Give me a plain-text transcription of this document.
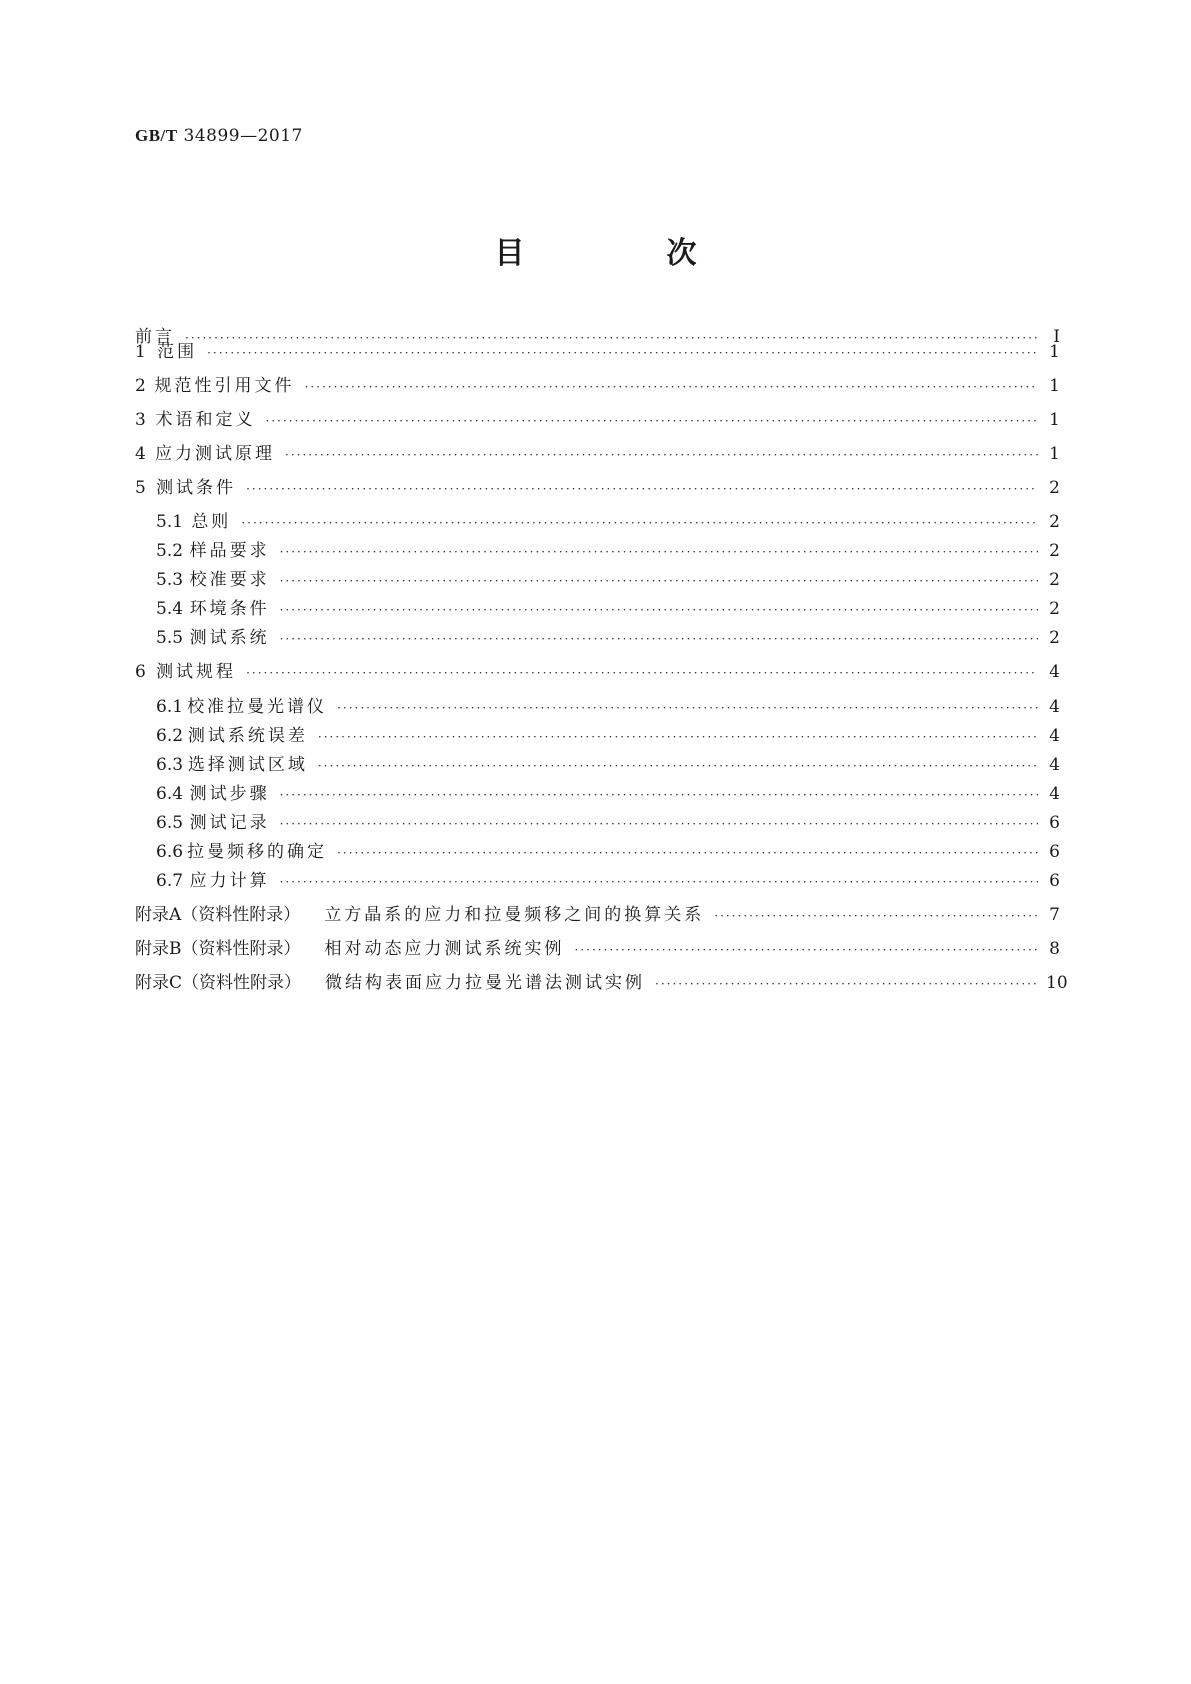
GB/T 34899—2017
目　次
前言 ·····	Ⅰ
1 范围 ·····	1
2 规范性引用文件 ·····	1
3 术语和定义 ·····	1
4 应力测试原理 ·····	1
5 测试条件 ·····	2
5.1 总则 ·····	2
5.2 样品要求 ·····	2
5.3 校准要求 ·····	2
5.4 环境条件 ·····	2
5.5 测试系统 ·····	2
6 测试规程 ·····	4
6.1 校准拉曼光谱仪 ·····	4
6.2 测试系统误差 ·····	4
6.3 选择测试区域 ·····	4
6.4 测试步骤 ·····	4
6.5 测试记录 ·····	6
6.6 拉曼频移的确定 ·····	6
6.7 应力计算 ·····	6
附录A（资料性附录） 立方晶系的应力和拉曼频移之间的换算关系 ·····	7
附录B（资料性附录） 相对动态应力测试系统实例 ·····	8
附录C（资料性附录） 微结构表面应力拉曼光谱法测试实例 ·····	10
